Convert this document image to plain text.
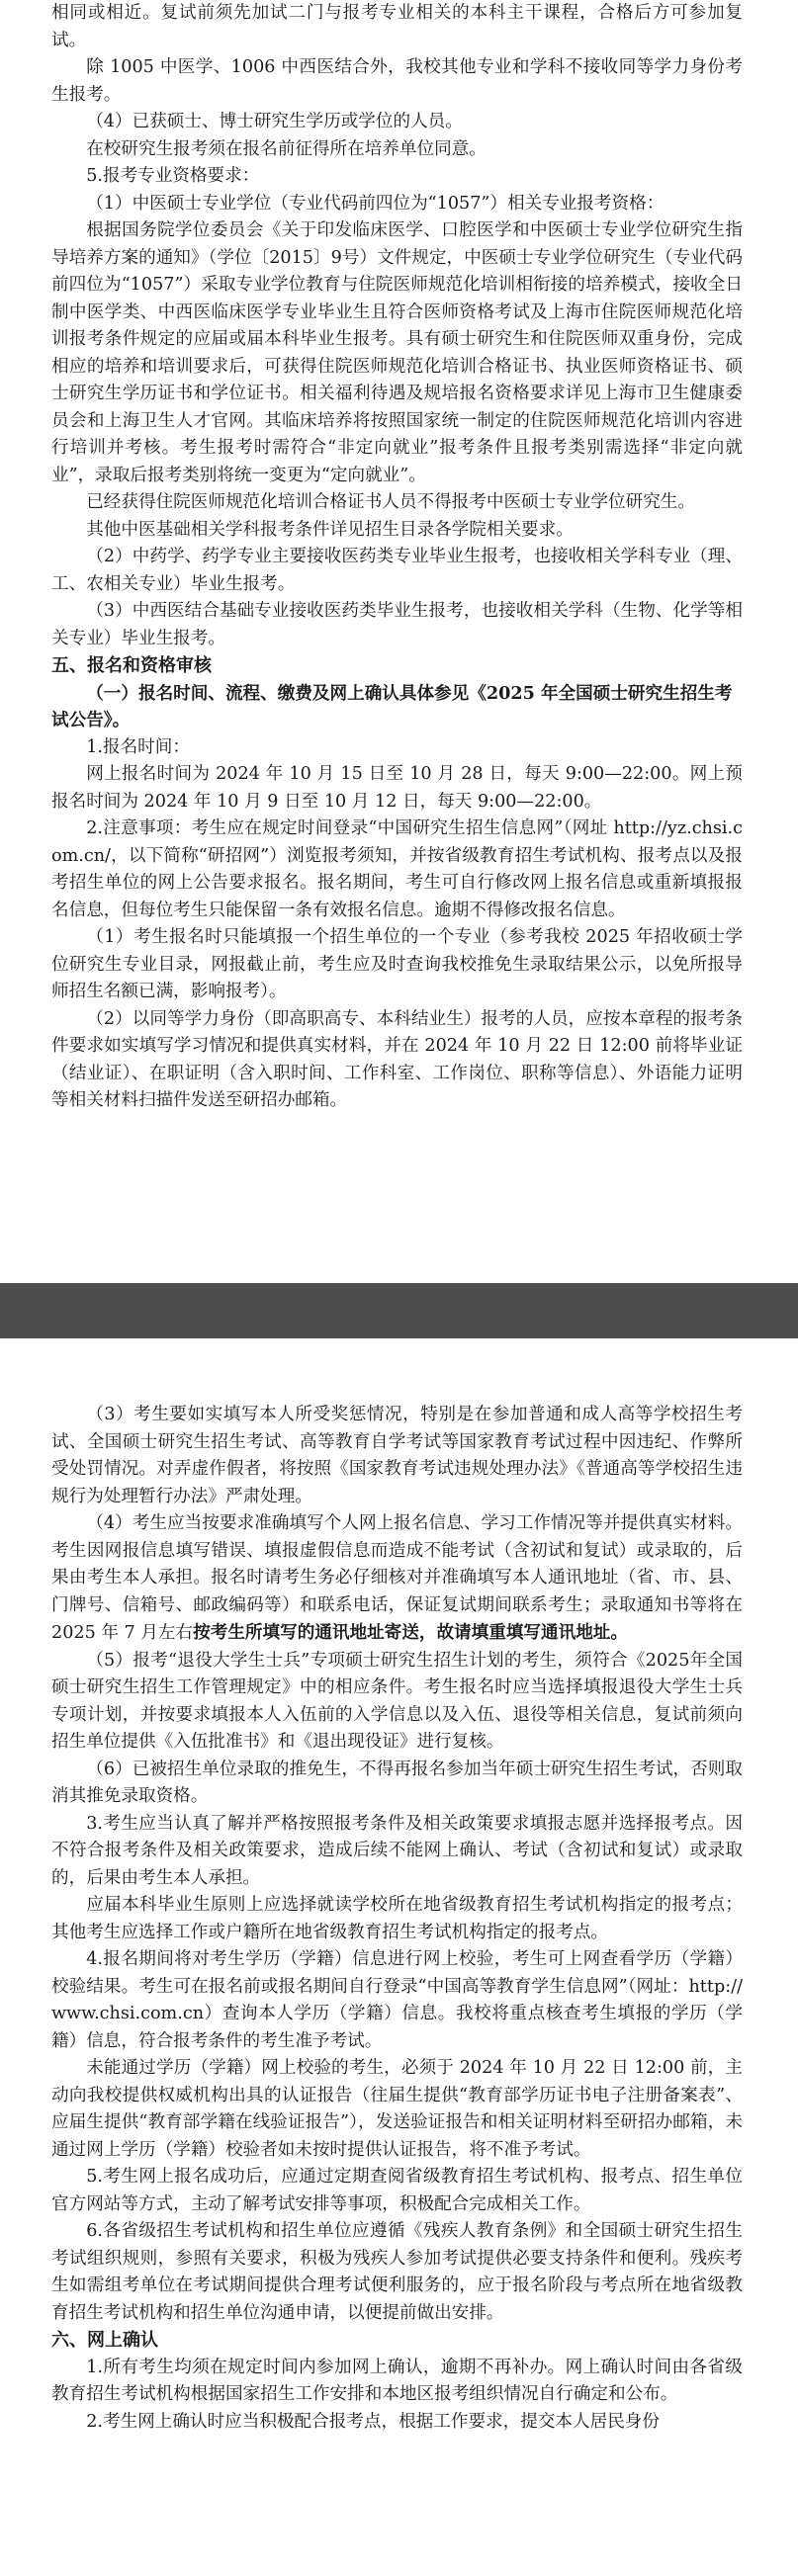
相同或相近。复试前须先加试二门与报考专业相关的本科主干课程，合格后方可参加复试。

除 1005 中医学、1006 中西医结合外，我校其他专业和学科不接收同等学力身份考生报考。

（4）已获硕士、博士研究生学历或学位的人员。

在校研究生报考须在报名前征得所在培养单位同意。

5.报考专业资格要求：

（1）中医硕士专业学位（专业代码前四位为“1057”）相关专业报考资格：

根据国务院学位委员会《关于印发临床医学、口腔医学和中医硕士专业学位研究生指导培养方案的通知》（学位〔2015〕9号）文件规定，中医硕士专业学位研究生（专业代码前四位为“1057”）采取专业学位教育与住院医师规范化培训相衔接的培养模式，接收全日制中医学类、中西医临床医学专业毕业生且符合医师资格考试及上海市住院医师规范化培训报考条件规定的应届或届本科毕业生报考。具有硕士研究生和住院医师双重身份，完成相应的培养和培训要求后，可获得住院医师规范化培训合格证书、执业医师资格证书、硕士研究生学历证书和学位证书。相关福利待遇及规培报名资格要求详见上海市卫生健康委员会和上海卫生人才官网。其临床培养将按照国家统一制定的住院医师规范化培训内容进行培训并考核。考生报考时需符合“非定向就业”报考条件且报考类别需选择“非定向就业”，录取后报考类别将统一变更为“定向就业”。

已经获得住院医师规范化培训合格证书人员不得报考中医硕士专业学位研究生。

其他中医基础相关学科报考条件详见招生目录各学院相关要求。

（2）中药学、药学专业主要接收医药类专业毕业生报考，也接收相关学科专业（理、工、农相关专业）毕业生报考。

（3）中西医结合基础专业接收医药类毕业生报考，也接收相关学科（生物、化学等相关专业）毕业生报考。

五、报名和资格审核

（一）报名时间、流程、缴费及网上确认具体参见《2025 年全国硕士研究生招生考试公告》。

1.报名时间：

网上报名时间为 2024 年 10 月 15 日至 10 月 28 日，每天 9:00—22:00。网上预报名时间为 2024 年 10 月 9 日至 10 月 12 日，每天 9:00—22:00。

2.注意事项：考生应在规定时间登录“中国研究生招生信息网”（网址 http://yz.chsi.com.cn/，以下简称“研招网”）浏览报考须知，并按省级教育招生考试机构、报考点以及报考招生单位的网上公告要求报名。报名期间，考生可自行修改网上报名信息或重新填报报名信息，但每位考生只能保留一条有效报名信息。逾期不得修改报名信息。

（1）考生报名时只能填报一个招生单位的一个专业（参考我校 2025 年招收硕士学位研究生专业目录，网报截止前，考生应及时查询我校推免生录取结果公示，以免所报导师招生名额已满，影响报考）。

（2）以同等学力身份（即高职高专、本科结业生）报考的人员，应按本章程的报考条件要求如实填写学习情况和提供真实材料，并在 2024 年 10 月 22 日 12:00 前将毕业证（结业证）、在职证明（含入职时间、工作科室、工作岗位、职称等信息）、外语能力证明等相关材料扫描件发送至研招办邮箱。

（3）考生要如实填写本人所受奖惩情况，特别是在参加普通和成人高等学校招生考试、全国硕士研究生招生考试、高等教育自学考试等国家教育考试过程中因违纪、作弊所受处罚情况。对弄虚作假者，将按照《国家教育考试违规处理办法》《普通高等学校招生违规行为处理暂行办法》严肃处理。

（4）考生应当按要求准确填写个人网上报名信息、学习工作情况等并提供真实材料。考生因网报信息填写错误、填报虚假信息而造成不能考试（含初试和复试）或录取的，后果由考生本人承担。报名时请考生务必仔细核对并准确填写本人通讯地址（省、市、县、门牌号、信箱号、邮政编码等）和联系电话，保证复试期间联系考生；录取通知书等将在 2025 年 7 月左右按考生所填写的通讯地址寄送，故请填重填写通讯地址。

（5）报考“退役大学生士兵”专项硕士研究生招生计划的考生，须符合《2025年全国硕士研究生招生工作管理规定》中的相应条件。考生报名时应当选择填报退役大学生士兵专项计划，并按要求填报本人入伍前的入学信息以及入伍、退役等相关信息，复试前须向招生单位提供《入伍批准书》和《退出现役证》进行复核。

（6）已被招生单位录取的推免生，不得再报名参加当年硕士研究生招生考试，否则取消其推免录取资格。

3.考生应当认真了解并严格按照报考条件及相关政策要求填报志愿并选择报考点。因不符合报考条件及相关政策要求，造成后续不能网上确认、考试（含初试和复试）或录取的，后果由考生本人承担。

应届本科毕业生原则上应选择就读学校所在地省级教育招生考试机构指定的报考点；其他考生应选择工作或户籍所在地省级教育招生考试机构指定的报考点。

4.报名期间将对考生学历（学籍）信息进行网上校验，考生可上网查看学历（学籍）校验结果。考生可在报名前或报名期间自行登录“中国高等教育学生信息网”（网址：http://www.chsi.com.cn）查询本人学历（学籍）信息。我校将重点核查考生填报的学历（学籍）信息，符合报考条件的考生准予考试。

未能通过学历（学籍）网上校验的考生，必须于 2024 年 10 月 22 日 12:00 前，主动向我校提供权威机构出具的认证报告（往届生提供“教育部学历证书电子注册备案表”、应届生提供“教育部学籍在线验证报告”），发送验证报告和相关证明材料至研招办邮箱，未通过网上学历（学籍）校验者如未按时提供认证报告，将不准予考试。

5.考生网上报名成功后，应通过定期查阅省级教育招生考试机构、报考点、招生单位官方网站等方式，主动了解考试安排等事项，积极配合完成相关工作。

6.各省级招生考试机构和招生单位应遵循《残疾人教育条例》和全国硕士研究生招生考试组织规则，参照有关要求，积极为残疾人参加考试提供必要支持条件和便利。残疾考生如需组考单位在考试期间提供合理考试便利服务的，应于报名阶段与考点所在地省级教育招生考试机构和招生单位沟通申请，以便提前做出安排。

六、网上确认

1.所有考生均须在规定时间内参加网上确认，逾期不再补办。网上确认时间由各省级教育招生考试机构根据国家招生工作安排和本地区报考组织情况自行确定和公布。

2.考生网上确认时应当积极配合报考点，根据工作要求，提交本人居民身份
